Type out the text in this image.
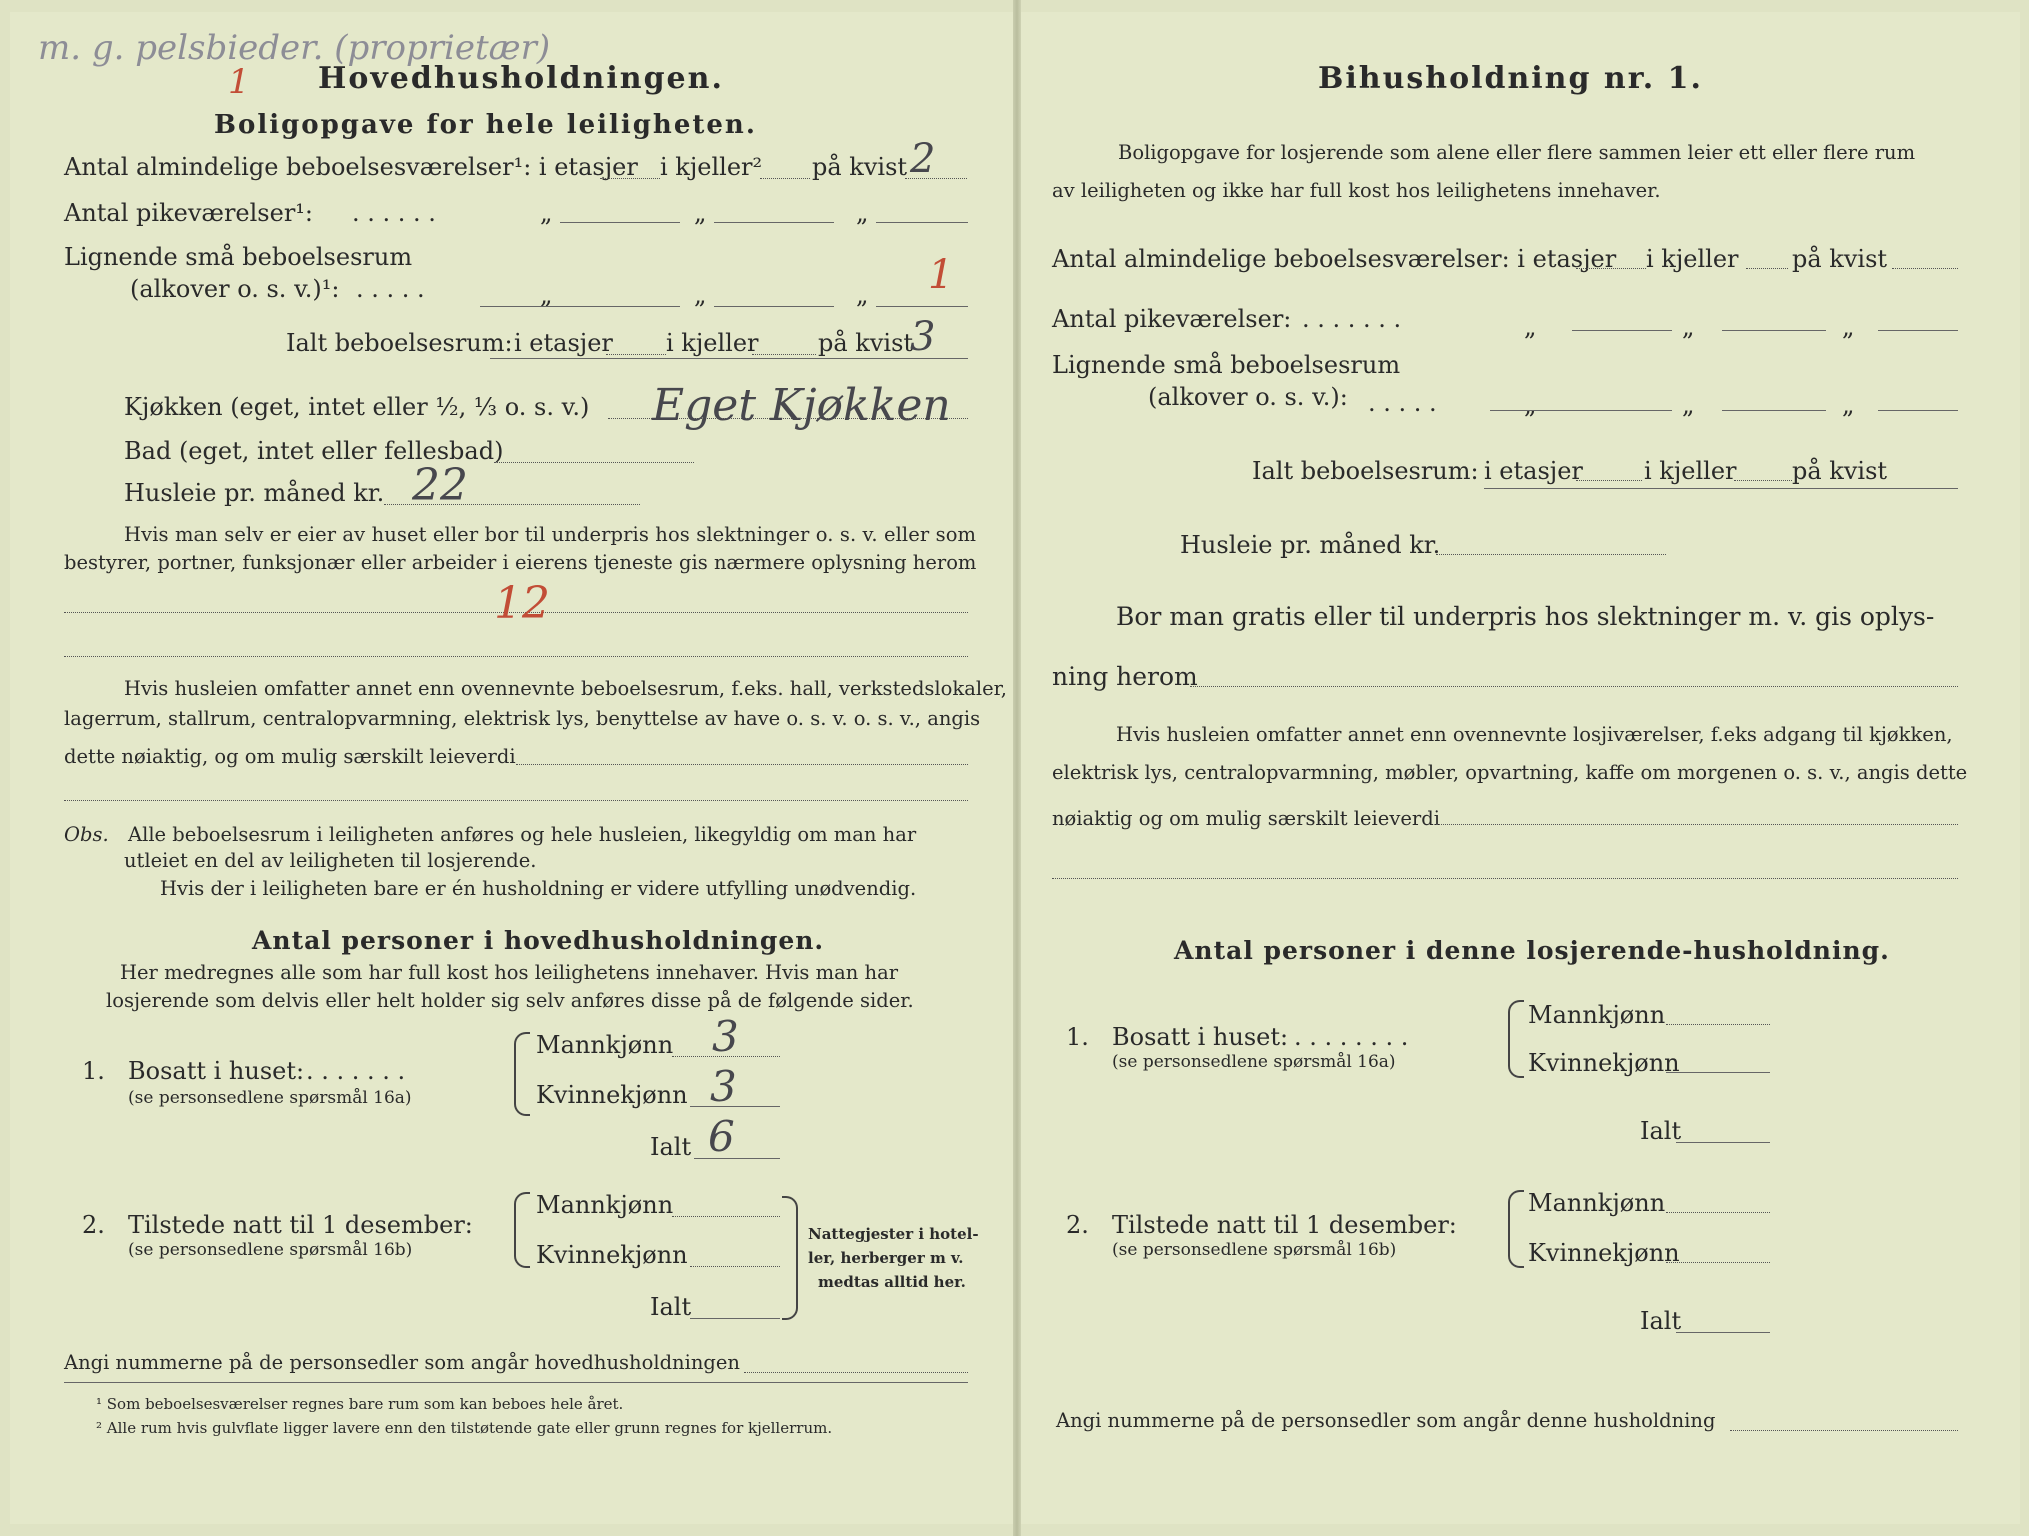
m. g. pelsbieder. (proprietær)
1 Hovedhusholdningen.
Boligopgave for hele leiligheten.
Antal almindelige beboelsesværelser¹: i etasjer i kjeller² på kvist 2
Antal pikeværelser¹: . . . . . .	„	„	„
Lignende små beboelsesrum
(alkover o. s. v.)¹: . . . . .	„	„	„ 1
Ialt beboelsesrum: i etasjer i kjeller på kvist
3
Kjøkken (eget, intet eller ½, ⅓ o. s. v.) Eget Kjøkken
Bad (eget, intet eller fellesbad)
Husleie pr. måned kr. 22
Hvis man selv er eier av huset eller bor til underpris hos slektninger o. s. v. eller som
bestyrer, portner, funksjonær eller arbeider i eierens tjeneste gis nærmere oplysning herom
12
Hvis husleien omfatter annet enn ovennevnte beboelsesrum, f.eks. hall, verkstedslokaler,
lagerrum, stallrum, centralopvarmning, elektrisk lys, benyttelse av have o. s. v. o. s. v., angis
dette nøiaktig, og om mulig særskilt leieverdi
Obs. Alle beboelsesrum i leiligheten anføres og hele husleien, likegyldig om man har
utleiet en del av leiligheten til losjerende.
Hvis der i leiligheten bare er én husholdning er videre utfylling unødvendig.
Antal personer i hovedhusholdningen.
Her medregnes alle som har full kost hos leilighetens innehaver. Hvis man har
losjerende som delvis eller helt holder sig selv anføres disse på de følgende sider.
1. Bosatt i huset: . . . . . . .
(se personsedlene spørsmål 16a)
Mannkjønn 3
Kvinnekjønn 3
Ialt 6
2. Tilstede natt til 1 desember:
(se personsedlene spørsmål 16b)
Mannkjønn
Kvinnekjønn
Ialt
Nattegjester i hotel-
ler, herberger m v.
medtas alltid her.
Angi nummerne på de personsedler som angår hovedhusholdningen
¹ Som beboelsesværelser regnes bare rum som kan beboes hele året.
² Alle rum hvis gulvflate ligger lavere enn den tilstøtende gate eller grunn regnes for kjellerrum.
Bihusholdning nr. 1.
Boligopgave for losjerende som alene eller flere sammen leier ett eller flere rum
av leiligheten og ikke har full kost hos leilighetens innehaver.
Antal almindelige beboelsesværelser: i etasjer i kjeller på kvist
Antal pikeværelser: . . . . . . .	„	„	„
Lignende små beboelsesrum
(alkover o. s. v.): . . . . .	„	„	„
Ialt beboelsesrum: i etasjer	i kjeller på kvist
Husleie pr. måned kr.
Bor man gratis eller til underpris hos slektninger m. v. gis oplys-
ning herom
Hvis husleien omfatter annet enn ovennevnte losjiværelser, f.eks adgang til kjøkken,
elektrisk lys, centralopvarmning, møbler, opvartning, kaffe om morgenen o. s. v., angis dette
nøiaktig og om mulig særskilt leieverdi
Antal personer i denne losjerende-husholdning.
1. Bosatt i huset: . . . . . . . .
(se personsedlene spørsmål 16a)
Mannkjønn
Kvinnekjønn
Ialt
2. Tilstede natt til 1 desember:
(se personsedlene spørsmål 16b)
Mannkjønn
Kvinnekjønn
Ialt
Angi nummerne på de personsedler som angår denne husholdning
